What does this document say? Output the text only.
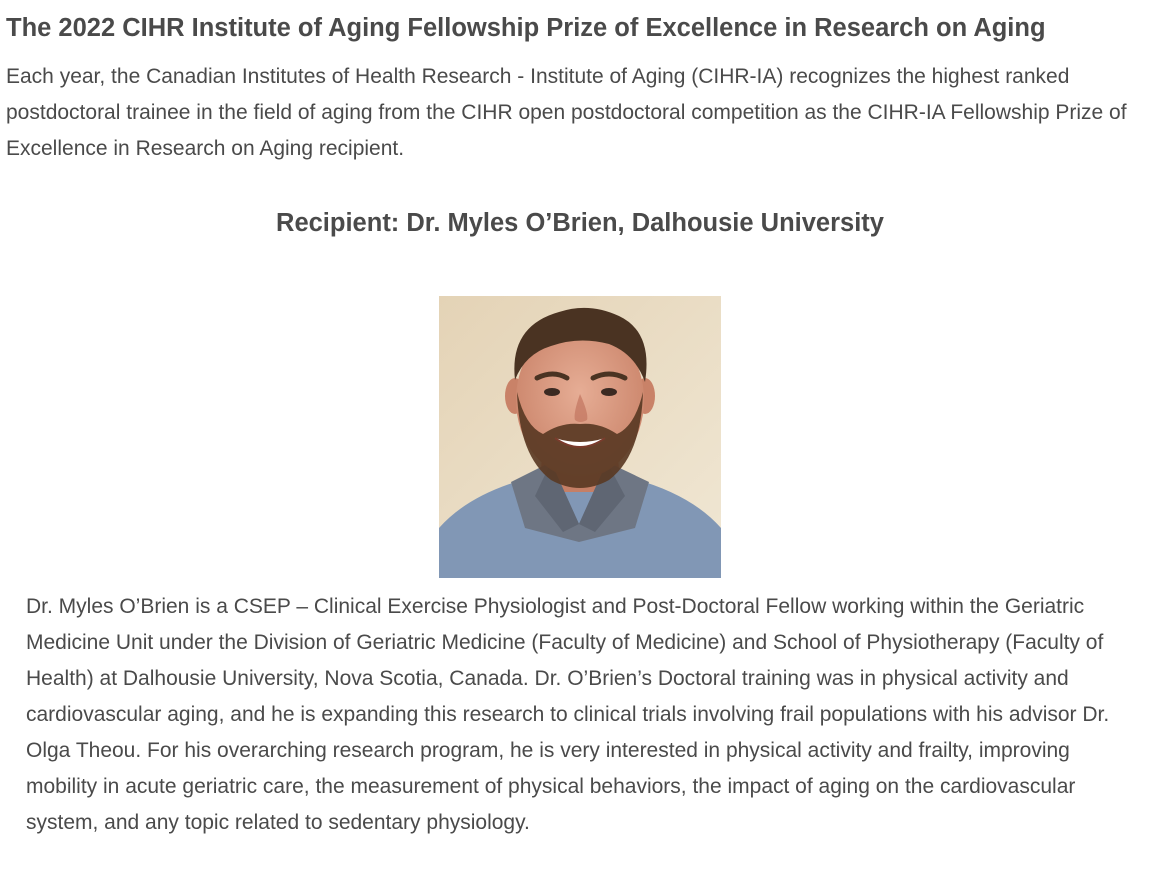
The 2022 CIHR Institute of Aging Fellowship Prize of Excellence in Research on Aging

Each year, the Canadian Institutes of Health Research - Institute of Aging (CIHR-IA) recognizes the highest ranked postdoctoral trainee in the field of aging from the CIHR open postdoctoral competition as the CIHR-IA Fellowship Prize of Excellence in Research on Aging recipient.

Recipient: Dr. Myles O’Brien, Dalhousie University

Dr. Myles O’Brien is a CSEP – Clinical Exercise Physiologist and Post-Doctoral Fellow working within the Geriatric Medicine Unit under the Division of Geriatric Medicine (Faculty of Medicine) and School of Physiotherapy (Faculty of Health) at Dalhousie University, Nova Scotia, Canada. Dr. O’Brien’s Doctoral training was in physical activity and cardiovascular aging, and he is expanding this research to clinical trials involving frail populations with his advisor Dr. Olga Theou. For his overarching research program, he is very interested in physical activity and frailty, improving mobility in acute geriatric care, the measurement of physical behaviors, the impact of aging on the cardiovascular system, and any topic related to sedentary physiology.
